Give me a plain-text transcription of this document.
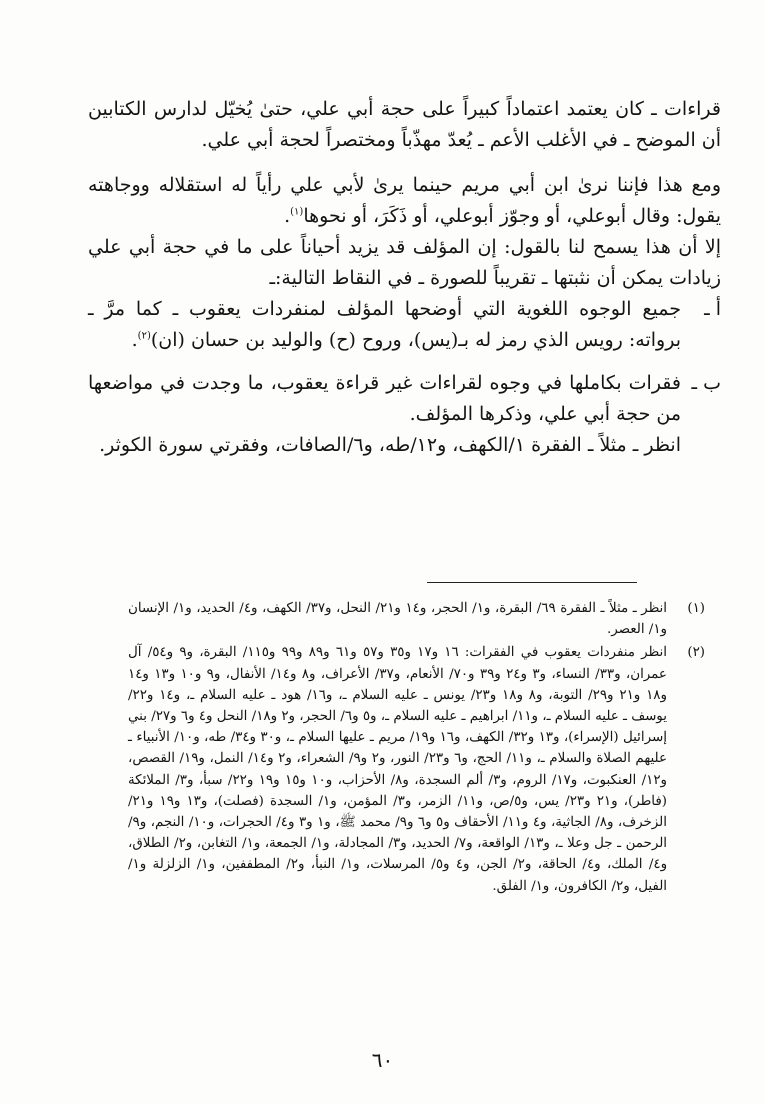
قراءات ـ كان يعتمد اعتماداً كبيراً على حجة أبي علي، حتىٰ يُخيّل لدارس الكتابين أن الموضح ـ في الأغلب الأعم ـ يُعدّ مهذّباً ومختصراً لحجة أبي علي.

ومع هذا فإننا نرىٰ ابن أبي مريم حينما يرىٰ لأبي علي رأياً له استقلاله ووجاهته يقول: وقال أبوعلي، أو وجوّز أبوعلي، أو ذَكَرَ، أو نحوها$^{(١)}$.

إلا أن هذا يسمح لنا بالقول: إن المؤلف قد يزيد أحياناً على ما في حجة أبي علي زيادات يمكن أن نثبتها ـ تقريباً للصورة ـ في النقاط التالية:ـ

أ ـ

جميع الوجوه اللغوية التي أوضحها المؤلف لمنفردات يعقوب ـ كما مرَّ ـ برواته: رويس الذي رمز له بـ(يس)، وروح (ح) والوليد بن حسان (ان)$^{(٢)}$.

ب ـ

فقرات بكاملها في وجوه لقراءات غير قراءة يعقوب، ما وجدت في مواضعها من حجة أبي علي، وذكرها المؤلف.

انظر ـ مثلاً ـ الفقرة ١/الكهف، و١٢/طه، و٦/الصافات، وفقرتي سورة الكوثر.

(١)
انظر ـ مثلاً ـ الفقرة ٦٩/ البقرة، و١/ الحجر، و١٤ و٢١/ النحل، و٣٧/ الكهف، و٤/ الحديد، و١/ الإنسان و١/ العصر.
(٢)
انظر منفردات يعقوب في الفقرات: ١٦ و١٧ و٣٥ و٥٧ و٦١ و٨٩ و٩٩ و١١٥/ البقرة، و٩ و٥٤/ آل عمران، و٣٣/ النساء، و٣ و٢٤ و٣٩ و٧٠/ الأنعام، و٣٧/ الأعراف، و٨ و١٤/ الأنفال، و٩ و١٠ و١٣ و١٤ و١٨ و٢١ و٢٩/ التوبة، و٨ و١٨ و٢٣/ يونس ـ عليه السلام ـ، و١٦/ هود ـ عليه السلام ـ، و١٤ و٢٢/ يوسف ـ عليه السلام ـ، و١١/ ابراهيم ـ عليه السلام ـ، و٥ و٦/ الحجر، و٢ و١٨/ النحل و٤ و٦ و٢٧/ بني إسرائيل (الإسراء)، و١٣ و٣٢/ الكهف، و١٦ و١٩/ مريم ـ عليها السلام ـ، و٣٠ و٣٤/ طه، و١٠/ الأنبياء ـ عليهم الصلاة والسلام ـ، و١١/ الحج، و٦ و٢٣/ النور، و٢ و٩/ الشعراء، و٢ و١٤/ النمل، و١٩/ القصص، و١٢/ العنكبوت، و١٧/ الروم، و٣/ ألم السجدة، و٨/ الأحزاب، و١٠ و١٥ و١٩ و٢٢/ سبأ، و٣/ الملائكة (فاطر)، و٢١ و٢٣/ يس، و٥/ص، و١١/ الزمر، و٣/ المؤمن، و١/ السجدة (فصلت)، و١٣ و١٩ و٢١/ الزخرف، و٨/ الجاثية، و٤ و١١/ الأحقاف و٥ و٦ و٩/ محمد ﷺ، و١ و٣ و٤/ الحجرات، و١٠/ النجم، و٩/ الرحمن ـ جل وعلا ـ، و١٣/ الواقعة، و٧/ الحديد، و٣/ المجادلة، و١/ الجمعة، و١/ التغابن، و٢/ الطلاق، و٤/ الملك، و٤/ الحاقة، و٢/ الجن، و٤ و٥/ المرسلات، و١/ النبأ، و٢/ المطففين، و١/ الزلزلة و١/ الفيل، و٢/ الكافرون، و١/ الفلق.
٦٠
